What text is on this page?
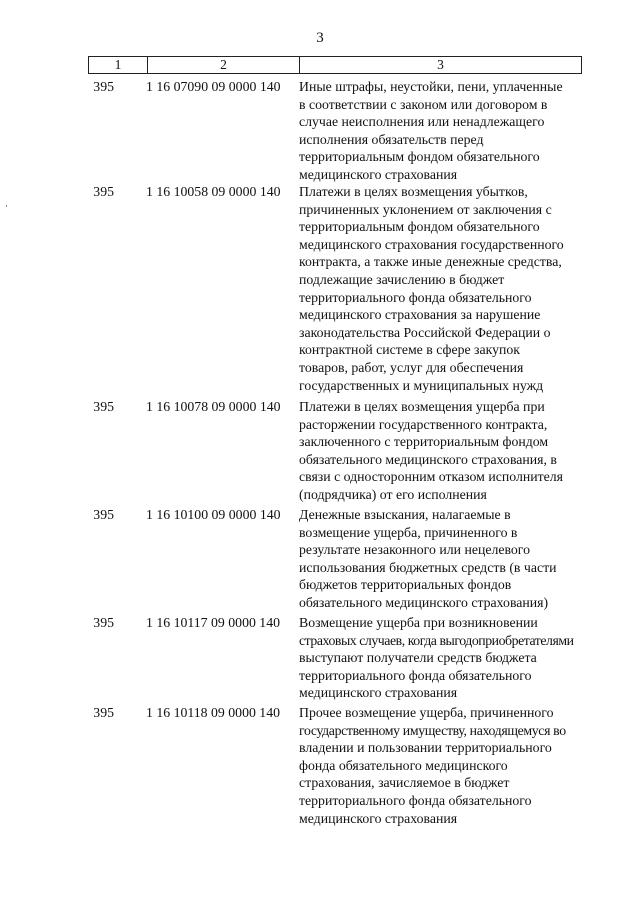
3
1	2	3
395 1 16 07090 09 0000 140 Иные штрафы, неустойки, пени, уплаченные
в соответствии с законом или договором в
случае неисполнения или ненадлежащего
исполнения обязательств перед
территориальным фондом обязательного
медицинского страхования
395 1 16 10058 09 0000 140 Платежи в целях возмещения убытков,
причиненных уклонением от заключения с
территориальным фондом обязательного
медицинского страхования государственного
контракта, а также иные денежные средства,
подлежащие зачислению в бюджет
территориального фонда обязательного
медицинского страхования за нарушение
законодательства Российской Федерации о
контрактной системе в сфере закупок
товаров, работ, услуг для обеспечения
государственных и муниципальных нужд
395 1 16 10078 09 0000 140 Платежи в целях возмещения ущерба при
расторжении государственного контракта,
заключенного с территориальным фондом
обязательного медицинского страхования, в
связи с односторонним отказом исполнителя
(подрядчика) от его исполнения
395 1 16 10100 09 0000 140 Денежные взыскания, налагаемые в
возмещение ущерба, причиненного в
результате незаконного или нецелевого
использования бюджетных средств (в части
бюджетов территориальных фондов
обязательного медицинского страхования)
395 1 16 10117 09 0000 140 Возмещение ущерба при возникновении
страховых случаев, когда выгодоприобретателями
выступают получатели средств бюджета
территориального фонда обязательного
медицинского страхования
395 1 16 10118 09 0000 140 Прочее возмещение ущерба, причиненного
государственному имуществу, находящемуся во
владении и пользовании территориального
фонда обязательного медицинского
страхования, зачисляемое в бюджет
территориального фонда обязательного
медицинского страхования
